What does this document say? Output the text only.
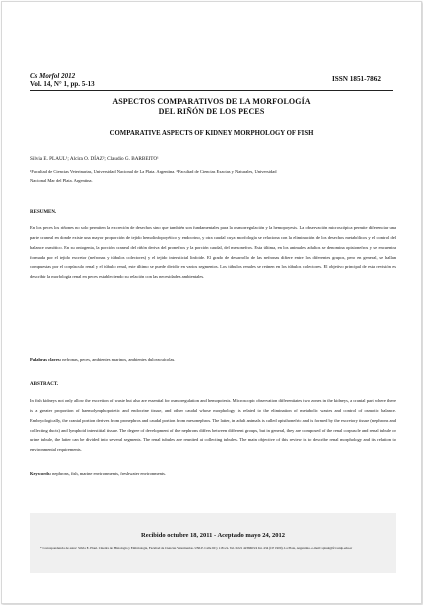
Cs Morfol 2012
Vol. 14, N° 1, pp. 5-13
ISSN 1851-7862
ASPECTOS COMPARATIVOS DE LA MORFOLOGÍA
DEL RIÑÓN DE LOS PECES
COMPARATIVE ASPECTS OF KIDNEY MORPHOLOGY OF FISH
Silvia E. PLAUL¹; Alcira O. DÍAZ²; Claudio G. BARBEITO¹
¹Facultad de Ciencias Veterinarias, Universidad Nacional de La Plata. Argentina. ²Facultad de Ciencias Exactas y Naturales, Universidad
Nacional Mar del Plata. Argentina.
RESUMEN.
En los peces los riñones no solo permiten la excreción de desechos sino que también son fundamentales para la osmorregulación y la hemopoyesis. La observación microscópica permite diferenciar una parte craneal en donde existe una mayor proporción de tejido hemolinfopoyético y endocrino, y otra caudal cuya morfología se relaciona con la eliminación de los desechos metabólicos y el control del balance osmótico. En su ontogenia, la porción craneal del riñón deriva del pronefros y la porción caudal, del mesonefros. Esta última, en los animales adultos se denomina opistonefros y se encuentra formada por el tejido excretor (nefronas y túbulos colectores) y el tejido intersticial linfoide. El grado de desarrollo de las nefronas difiere entre los diferentes grupos, pero en general, se hallan compuestas por el corpúsculo renal y el túbulo renal, este último se puede dividir en varios segmentos. Los túbulos renales se reúnen en los túbulos colectores. El objetivo principal de esta revisión es describir la morfología renal en peces estableciendo su relación con las necesidades ambientales.
Palabras claves: nefronas, peces, ambientes marinos, ambientes dulceacuícolas.
ABSTRACT.
In fish kidneys not only allow the excretion of waste but also are essential for osmoregulation and hemopoiesis. Microscopic observation differentiates two zones in the kidneys, a cranial part where there is a greater proportion of haemolymphopoietic and endocrine tissue, and other caudal whose morphology is related to the elimination of metabolic wastes and control of osmotic balance. Embryologically, the cranial portion derives from pronephros and caudal portion from mesonephros. The latter, in adult animals is called opisthonefric and is formed by the excretory tissue (nephrons and collecting ducts) and lymphoid interstitial tissue. The degree of development of the nephrons differs between different groups, but in general, they are composed of the renal corpuscle and renal tubule or urine tubule, the latter can be divided into several segments. The renal tubules are reunited at collecting tubules. The main objective of this review is to describe renal morphology and its relation to environmental requirements.
Keywords: nephrons, fish, marine environments, freshwater environments.
Recibido octubre 18, 2011 - Aceptado mayo 24, 2012
* Correspondencia de autor: Silvia E. Plaul. Cátedra de Histología y Embriología, Facultad de Ciencias Veterinarias. UNLP. Calle 60 y 118 s/n. Tel. 0221 4236663/4 Int. 434 (CP 1900). La Plata, Argentina. e-mail: splaul@fcv.unlp.edu.ar
